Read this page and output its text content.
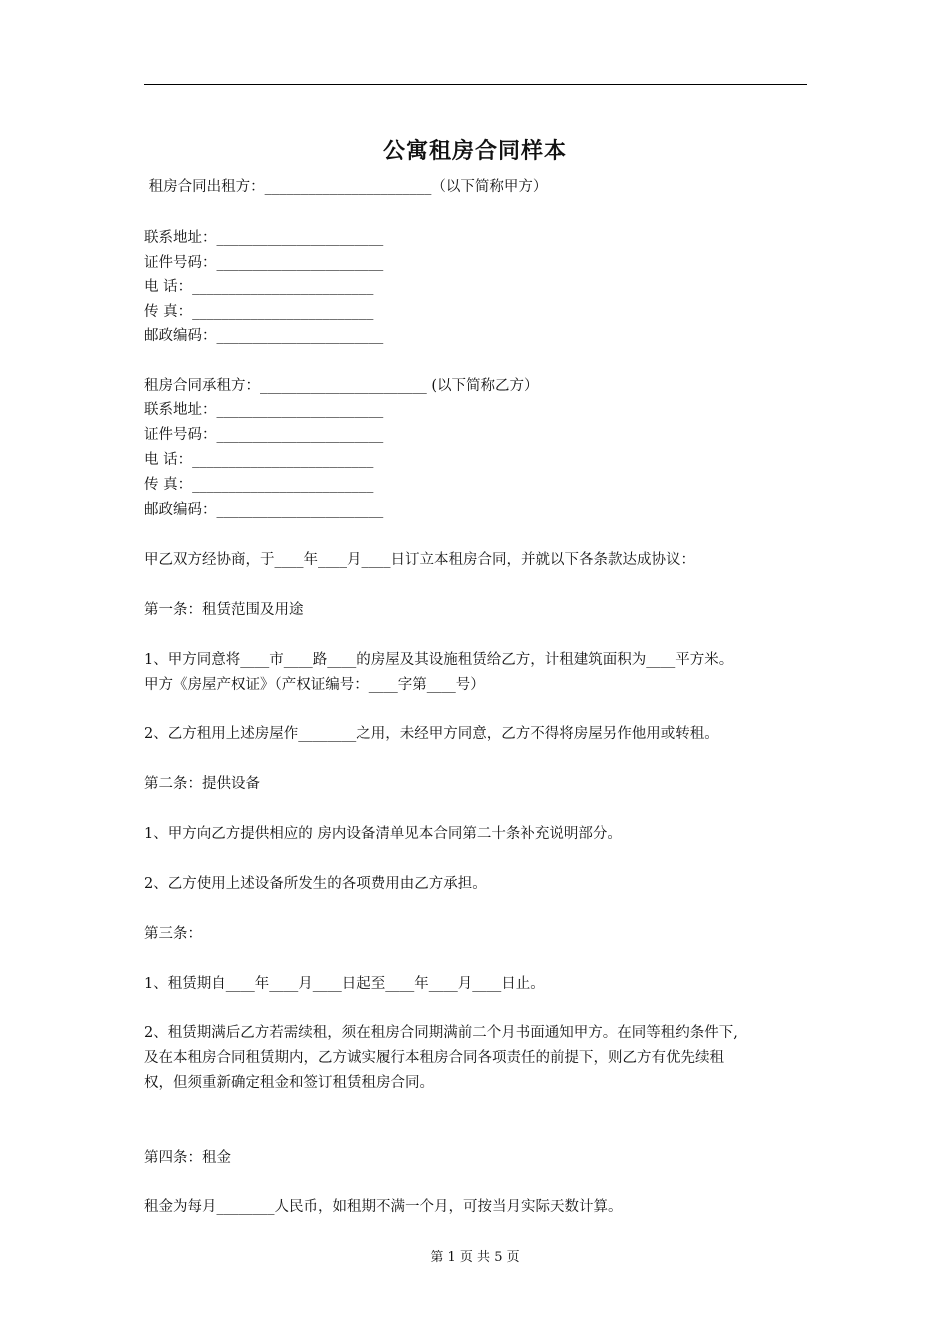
公寓租房合同样本
租房合同出租方：_______________________（以下简称甲方）
联系地址：_______________________
证件号码：_______________________
电 话：_________________________
传 真：_________________________
邮政编码：_______________________
租房合同承租方：_______________________ (以下简称乙方）
联系地址：_______________________
证件号码：_______________________
电 话：_________________________
传 真：_________________________
邮政编码：_______________________
甲乙双方经协商，于____年____月____日订立本租房合同，并就以下各条款达成协议：
第一条：租赁范围及用途
1、甲方同意将____市____路____的房屋及其设施租赁给乙方，计租建筑面积为____平方米。
甲方《房屋产权证》（产权证编号：____字第____号）
2、乙方租用上述房屋作________之用，未经甲方同意，乙方不得将房屋另作他用或转租。
第二条：提供设备
1、甲方向乙方提供相应的 房内设备清单见本合同第二十条补充说明部分。
2、乙方使用上述设备所发生的各项费用由乙方承担。
第三条：
1、租赁期自____年____月____日起至____年____月____日止。
2、租赁期满后乙方若需续租，须在租房合同期满前二个月书面通知甲方。在同等租约条件下,
及在本租房合同租赁期内，乙方诚实履行本租房合同各项责任的前提下，则乙方有优先续租
权，但须重新确定租金和签订租赁租房合同。
第四条：租金
租金为每月________人民币，如租期不满一个月，可按当月实际天数计算。
第 1 页 共 5 页
